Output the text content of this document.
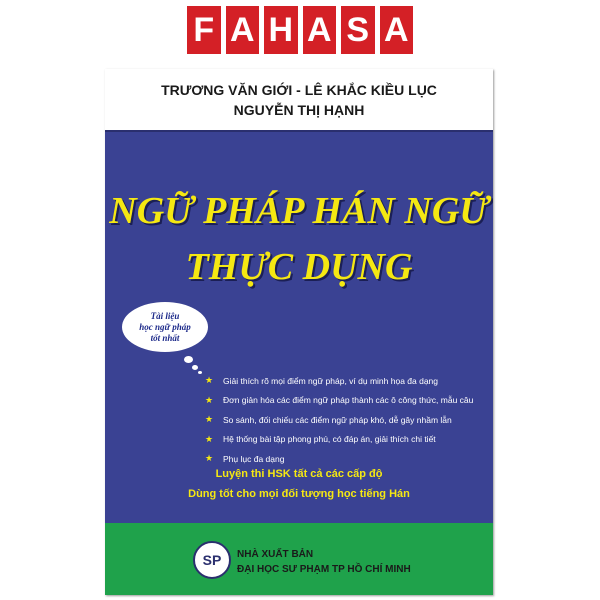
F A H A S A
TRƯƠNG VĂN GIỚI - LÊ KHẮC KIỀU LỤC
NGUYỄN THỊ HẠNH
NGỮ PHÁP HÁN NGỮ
THỰC DỤNG
Tài liệu
học ngữ pháp
tốt nhất
★	Giải thích rõ mọi điểm ngữ pháp, ví dụ minh họa đa dạng
★	Đơn giản hóa các điểm ngữ pháp thành các ô công thức, mẫu câu
★	So sánh, đối chiếu các điểm ngữ pháp khó, dễ gây nhầm lẫn
★	Hệ thống bài tập phong phú, có đáp án, giải thích chi tiết
★	Phụ lục đa dạng
Luyện thi HSK tất cả các cấp độ
Dùng tốt cho mọi đối tượng học tiếng Hán
SP	NHÀ XUẤT BẢN
ĐẠI HỌC SƯ PHẠM TP HỒ CHÍ MINH
